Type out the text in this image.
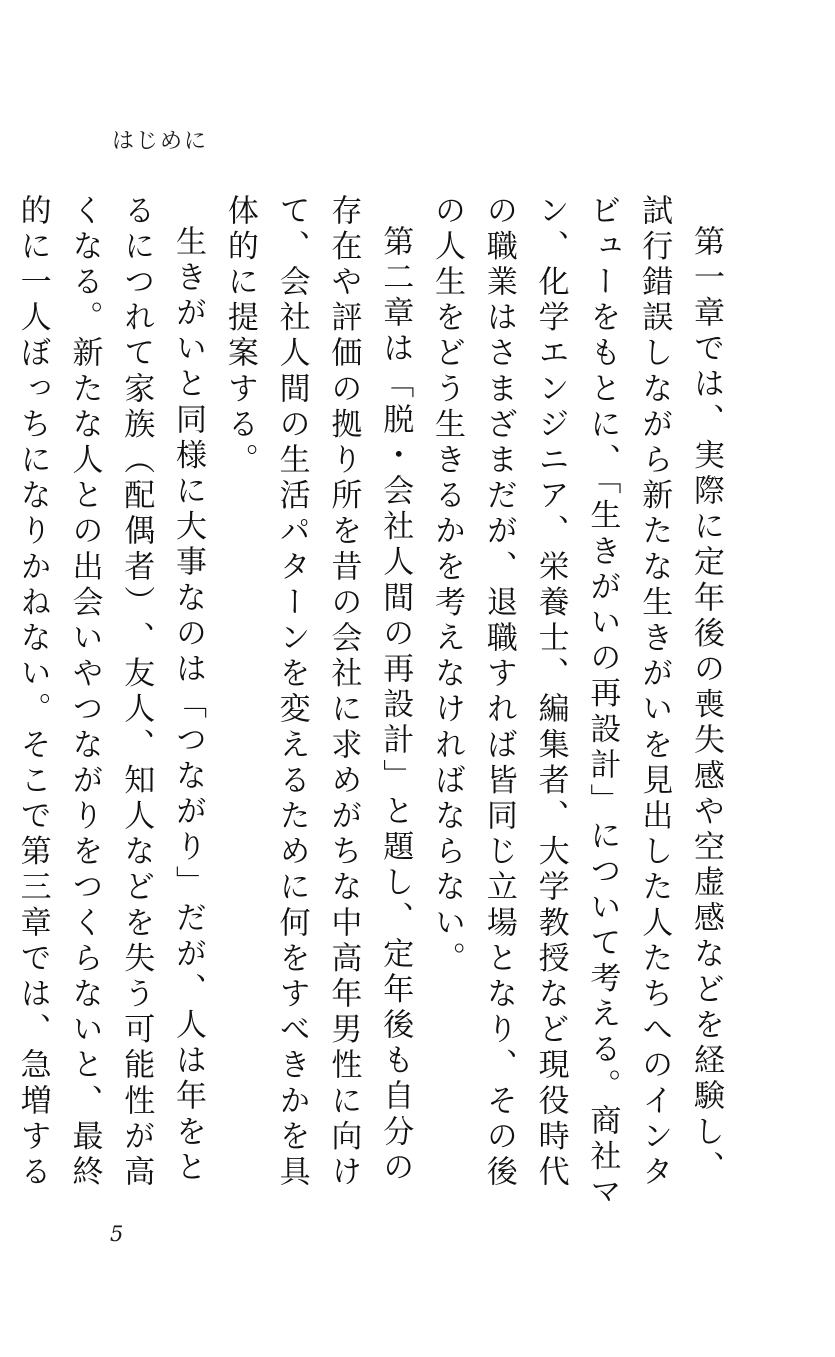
はじめに

第一章では、実際に定年後の喪失感や空虚感などを経験し、試行錯誤しながら新たな生きがいを見出した人たちへのインタビューをもとに、「生きがいの再設計」について考える。商社マン、化学エンジニア、栄養士、編集者、大学教授など現役時代の職業はさまざまだが、退職すれば皆同じ立場となり、その後の人生をどう生きるかを考えなければならない。

第二章は「脱・会社人間の再設計」と題し、定年後も自分の存在や評価の拠り所を昔の会社に求めがちな中高年男性に向けて、会社人間の生活パターンを変えるために何をすべきかを具体的に提案する。

生きがいと同様に大事なのは「つながり」だが、人は年をとるにつれて家族︵配偶者︶、友人、知人などを失う可能性が高くなる。新たな人との出会いやつながりをつくらないと、最終的に一人ぼっちになりかねない。そこで第三章では、急増する

5
